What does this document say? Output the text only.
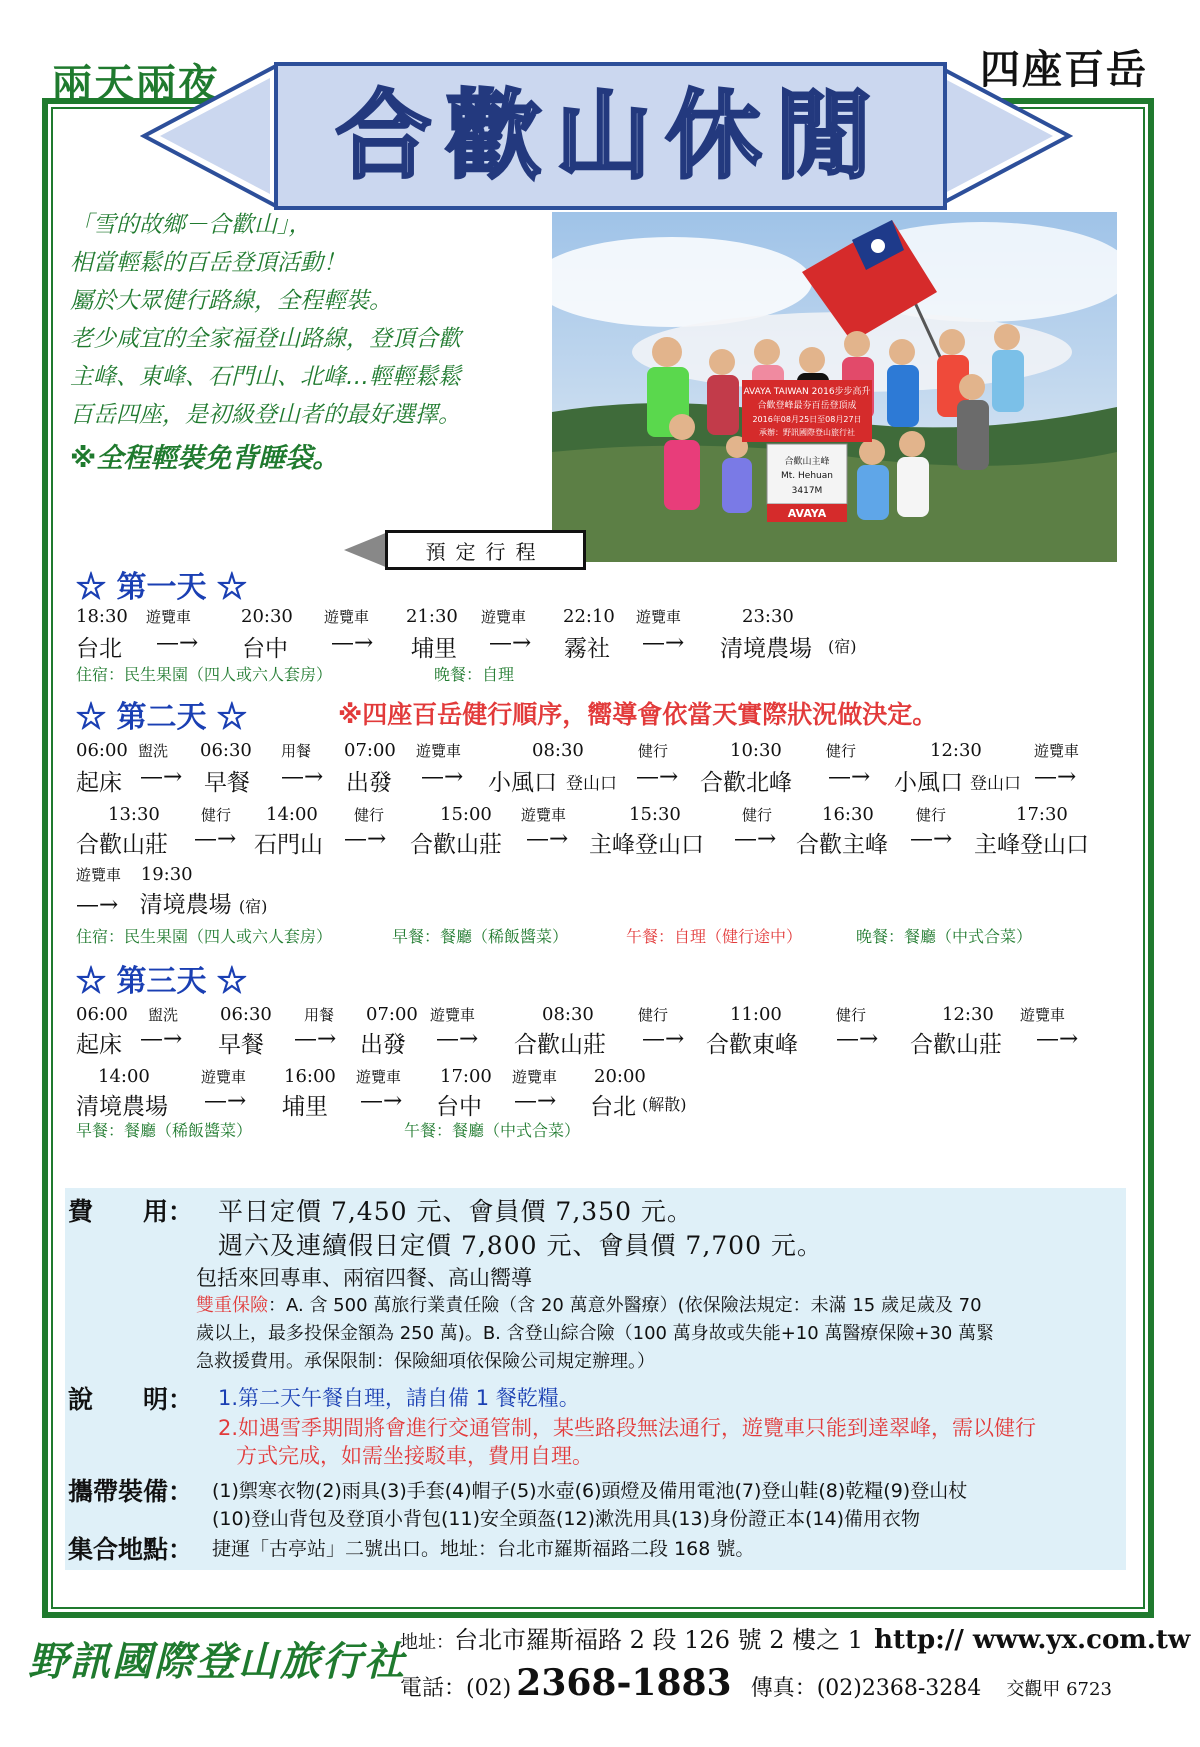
兩天兩夜	四座百岳
合歡山休閒
「雪的故鄉－合歡山」，
相當輕鬆的百岳登頂活動！
屬於大眾健行路線，全程輕裝。
老少咸宜的全家福登山路線，登頂合歡
主峰、東峰、石門山、北峰…輕輕鬆鬆
百岳四座，是初級登山者的最好選擇。
※全程輕裝免背睡袋。
AVAYA TAIWAN 2016步步高升
合歡登峰最夯百岳登頂成
2016年08月25日至08月27日
承辦：野訊國際登山旅行社
合歡山主峰
Mt. Hehuan
3417M
AVAYA
預定行程
☆ 第一天 ☆
18:30 遊覽車	20:30 遊覽車 21:30 遊覽車 22:10 遊覽車	23:30
台北 —→ 台中 —→ 埔里 —→ 霧社 —→ 清境農場 (宿)
住宿：民生果園（四人或六人套房）	晚餐：自理
☆ 第二天 ☆	※四座百岳健行順序，嚮導會依當天實際狀況做決定。
06:00 盥洗 06:30 用餐 07:00 遊覽車	08:30	健行	10:30	健行	12:30	遊覽車
起床 —→ 早餐 —→ 出發 —→ 小風口 登山口 —→ 合歡北峰 —→ 小風口 登山口 —→
13:30	健行 14:00 健行	15:00 遊覽車	15:30	健行	16:30	健行	17:30
合歡山莊 —→ 石門山 —→ 合歡山莊 —→ 主峰登山口 —→ 合歡主峰 —→ 主峰登山口
遊覽車 19:30
—→ 清境農場 (宿)
住宿：民生果園（四人或六人套房）	早餐：餐廳（稀飯醬菜）	午餐：自理（健行途中）	晚餐：餐廳（中式合菜）
☆ 第三天 ☆
06:00 盥洗 06:30 用餐 07:00 遊覽車	08:30	健行	11:00	健行	12:30 遊覽車
起床 —→ 早餐 —→ 出發 —→ 合歡山莊 —→ 合歡東峰 —→ 合歡山莊 —→
14:00	遊覽車 16:00 遊覽車 17:00 遊覽車 20:00
清境農場 —→ 埔里 —→ 台中 —→ 台北 (解散)
早餐：餐廳（稀飯醬菜）	午餐：餐廳（中式合菜）
費　　用： 平日定價 7,450 元、會員價 7,350 元。
週六及連續假日定價 7,800 元、會員價 7,700 元。
包括來回專車、兩宿四餐、高山嚮導
雙重保險：A. 含 500 萬旅行業責任險（含 20 萬意外醫療）(依保險法規定：未滿 15 歲足歲及 70
歲以上，最多投保金額為 250 萬)。B. 含登山綜合險（100 萬身故或失能+10 萬醫療保險+30 萬緊
急救援費用。承保限制：保險細項依保險公司規定辦理。）
說　　明： 1.第二天午餐自理，請自備 1 餐乾糧。
2.如遇雪季期間將會進行交通管制，某些路段無法通行，遊覽車只能到達翠峰，需以健行
方式完成，如需坐接駁車，費用自理。
攜帶裝備： (1)禦寒衣物(2)雨具(3)手套(4)帽子(5)水壺(6)頭燈及備用電池(7)登山鞋(8)乾糧(9)登山杖
(10)登山背包及登頂小背包(11)安全頭盔(12)漱洗用具(13)身份證正本(14)備用衣物
集合地點： 捷運「古亭站」二號出口。地址：台北市羅斯福路二段 168 號。
野訊國際登山旅行社
地址：台北市羅斯福路 2 段 126 號 2 樓之 1 http:// www.yx.com.tw
電話：(02) 2368-1883 傳真：(02)2368-3284 交觀甲 6723
